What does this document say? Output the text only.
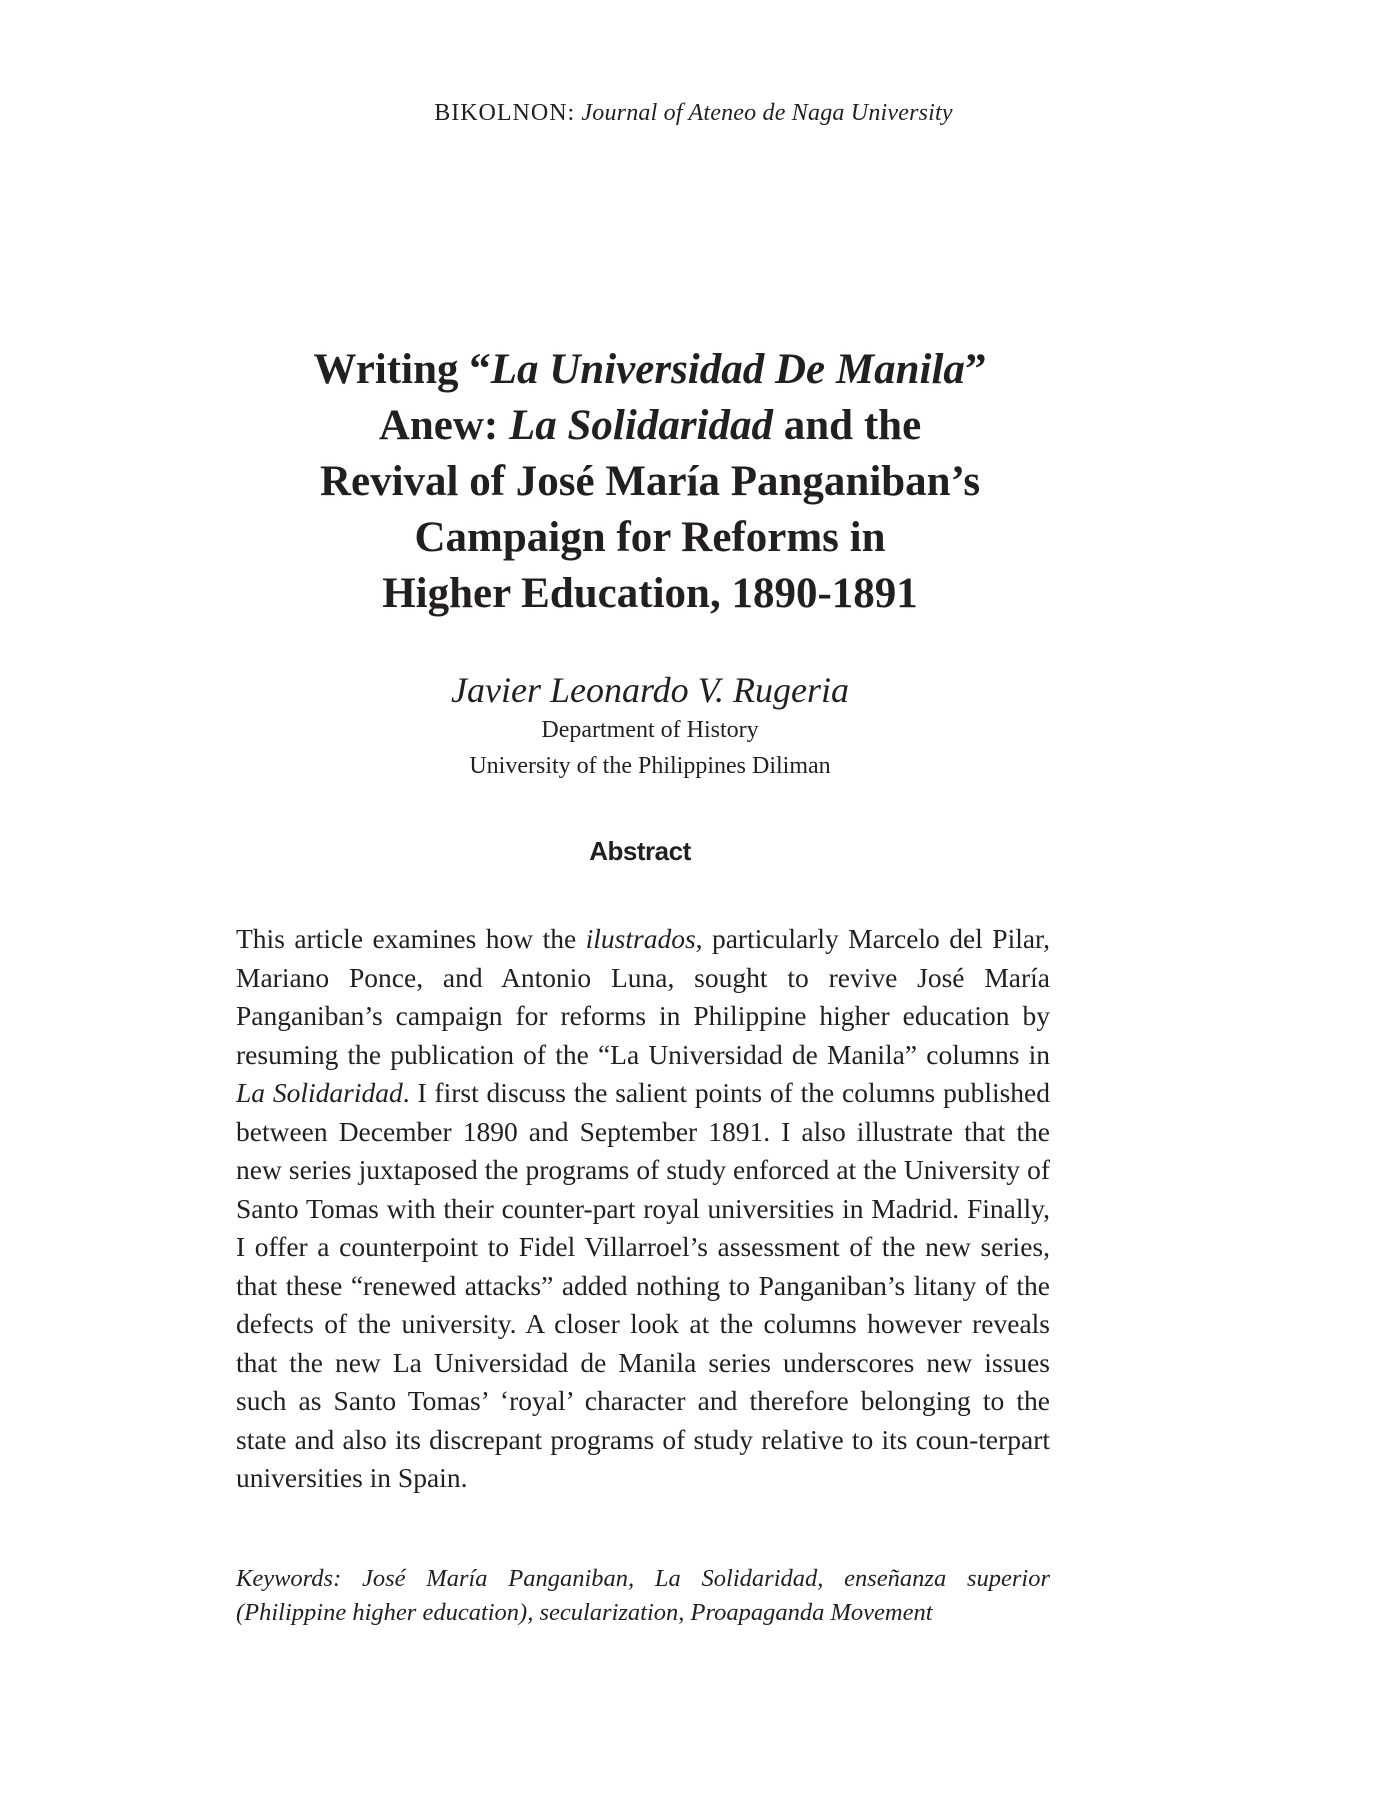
BIKOLNON: Journal of Ateneo de Naga University
Writing “La Universidad De Manila”
Anew: La Solidaridad and the
Revival of José María Panganiban’s
Campaign for Reforms in
Higher Education, 1890-1891
Javier Leonardo V. Rugeria
Department of History
University of the Philippines Diliman
Abstract

This article examines how the ilustrados, particularly Marcelo del Pilar, Mariano Ponce, and Antonio Luna, sought to revive José María Panganiban’s campaign for reforms in Philippine higher education by resuming the publication of the “La Universidad de Manila” columns in La Solidaridad. I first discuss the salient points of the columns published between December 1890 and September 1891. I also illustrate that the new series juxtaposed the programs of study enforced at the University of Santo Tomas with their counter-part royal universities in Madrid. Finally, I offer a counterpoint to Fidel Villarroel’s assessment of the new series, that these “renewed attacks” added nothing to Panganiban’s litany of the defects of the university. A closer look at the columns however reveals that the new La Universidad de Manila series underscores new issues such as Santo Tomas’ ‘royal’ character and therefore belonging to the state and also its discrepant programs of study relative to its coun-terpart universities in Spain.

Keywords: José María Panganiban, La Solidaridad, enseñanza superior (Philippine higher education), secularization, Proapaganda Movement
